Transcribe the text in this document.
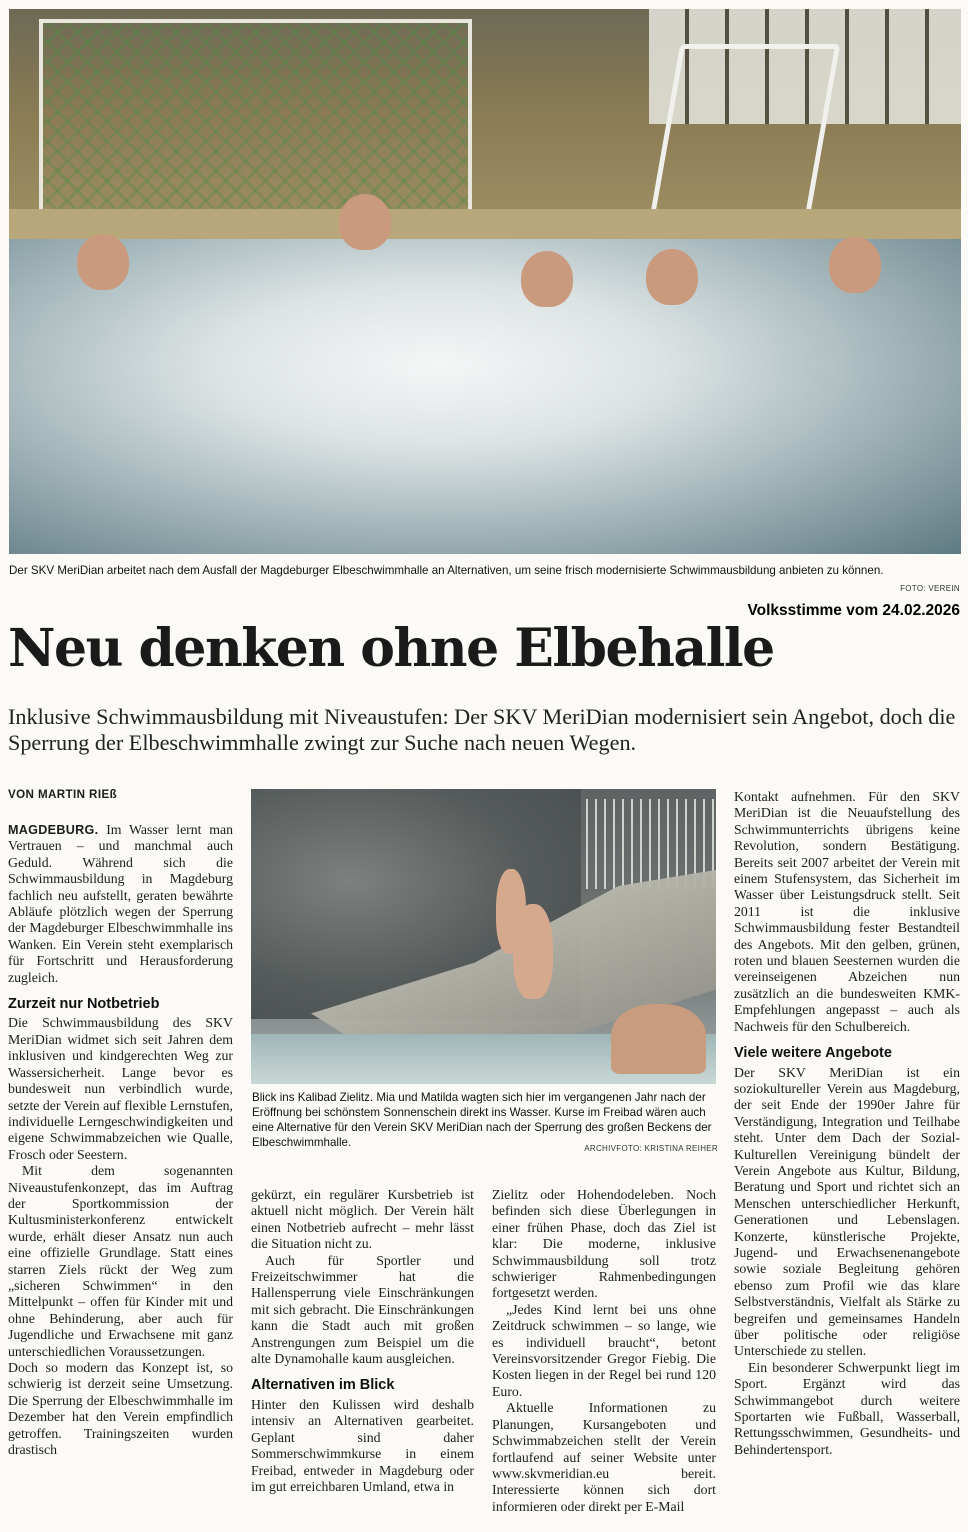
Der SKV MeriDian arbeitet nach dem Ausfall der Magdeburger Elbeschwimmhalle an Alternativen, um seine frisch modernisierte Schwimmausbildung anbieten zu können.
FOTO: VEREIN
Volksstimme vom 24.02.2026
Neu denken ohne Elbehalle
Inklusive Schwimmausbildung mit Niveaustufen: Der SKV MeriDian modernisiert sein Angebot, doch die Sperrung der Elbeschwimmhalle zwingt zur Suche nach neuen Wegen.
VON MARTIN RIEß

MAGDEBURG. Im Wasser lernt man Vertrauen – und manchmal auch Geduld. Während sich die Schwimmausbildung in Magdeburg fachlich neu aufstellt, geraten bewährte Abläufe plötzlich wegen der Sperrung der Magdeburger Elbeschwimmhalle ins Wanken. Ein Verein steht exemplarisch für Fortschritt und Herausforderung zugleich.

Zurzeit nur Notbetrieb

Die Schwimmausbildung des SKV MeriDian widmet sich seit Jahren dem inklusiven und kindgerechten Weg zur Wassersicherheit. Lange bevor es bundesweit nun verbindlich wurde, setzte der Verein auf flexible Lernstufen, individuelle Lerngeschwindigkeiten und eigene Schwimmabzeichen wie Qualle, Frosch oder Seestern.

Mit dem sogenannten Niveaustufenkonzept, das im Auftrag der Sportkommission der Kultusministerkonferenz entwickelt wurde, erhält dieser Ansatz nun auch eine offizielle Grundlage. Statt eines starren Ziels rückt der Weg zum „sicheren Schwimmen“ in den Mittelpunkt – offen für Kinder mit und ohne Behinderung, aber auch für Jugendliche und Erwachsene mit ganz unterschiedlichen Voraussetzungen.

Doch so modern das Konzept ist, so schwierig ist derzeit seine Umsetzung. Die Sperrung der Elbeschwimmhalle im Dezember hat den Verein empfindlich getroffen. Trainingszeiten wurden drastisch

Blick ins Kalibad Zielitz. Mia und Matilda wagten sich hier im vergangenen Jahr nach der Eröffnung bei schönstem Sonnenschein direkt ins Wasser. Kurse im Freibad wären auch eine Alternative für den Verein SKV MeriDian nach der Sperrung des großen Beckens der Elbeschwimmhalle.	ARCHIVFOTO: KRISTINA REIHER

gekürzt, ein regulärer Kursbetrieb ist aktuell nicht möglich. Der Verein hält einen Notbetrieb aufrecht – mehr lässt die Situation nicht zu.

Auch für Sportler und Freizeitschwimmer hat die Hallensperrung viele Einschränkungen mit sich gebracht. Die Einschränkungen kann die Stadt auch mit großen Anstrengungen zum Beispiel um die alte Dynamohalle kaum ausgleichen.

Alternativen im Blick

Hinter den Kulissen wird deshalb intensiv an Alternativen gearbeitet. Geplant sind daher Sommerschwimmkurse in einem Freibad, entweder in Magdeburg oder im gut erreichbaren Umland, etwa in

Zielitz oder Hohendodeleben. Noch befinden sich diese Überlegungen in einer frühen Phase, doch das Ziel ist klar: Die moderne, inklusive Schwimmausbildung soll trotz schwieriger Rahmenbedingungen fortgesetzt werden.

„Jedes Kind lernt bei uns ohne Zeitdruck schwimmen – so lange, wie es individuell braucht“, betont Vereinsvorsitzender Gregor Fiebig. Die Kosten liegen in der Regel bei rund 120 Euro.

Aktuelle Informationen zu Planungen, Kursangeboten und Schwimmabzeichen stellt der Verein fortlaufend auf seiner Website unter www.skvmeridian.eu bereit. Interessierte können sich dort informieren oder direkt per E-Mail

Kontakt aufnehmen. Für den SKV MeriDian ist die Neuaufstellung des Schwimmunterrichts übrigens keine Revolution, sondern Bestätigung. Bereits seit 2007 arbeitet der Verein mit einem Stufensystem, das Sicherheit im Wasser über Leistungsdruck stellt. Seit 2011 ist die inklusive Schwimmausbildung fester Bestandteil des Angebots. Mit den gelben, grünen, roten und blauen Seesternen wurden die vereinseigenen Abzeichen nun zusätzlich an die bundesweiten KMK-Empfehlungen angepasst – auch als Nachweis für den Schulbereich.

Viele weitere Angebote

Der SKV MeriDian ist ein soziokultureller Verein aus Magdeburg, der seit Ende der 1990er Jahre für Verständigung, Integration und Teilhabe steht. Unter dem Dach der Sozial-Kulturellen Vereinigung bündelt der Verein Angebote aus Kultur, Bildung, Beratung und Sport und richtet sich an Menschen unterschiedlicher Herkunft, Generationen und Lebenslagen. Konzerte, künstlerische Projekte, Jugend- und Erwachsenenangebote sowie soziale Begleitung gehören ebenso zum Profil wie das klare Selbstverständnis, Vielfalt als Stärke zu begreifen und gemeinsames Handeln über politische oder religiöse Unterschiede zu stellen.

Ein besonderer Schwerpunkt liegt im Sport. Ergänzt wird das Schwimmangebot durch weitere Sportarten wie Fußball, Wasserball, Rettungsschwimmen, Gesundheits- und Behindertensport.
